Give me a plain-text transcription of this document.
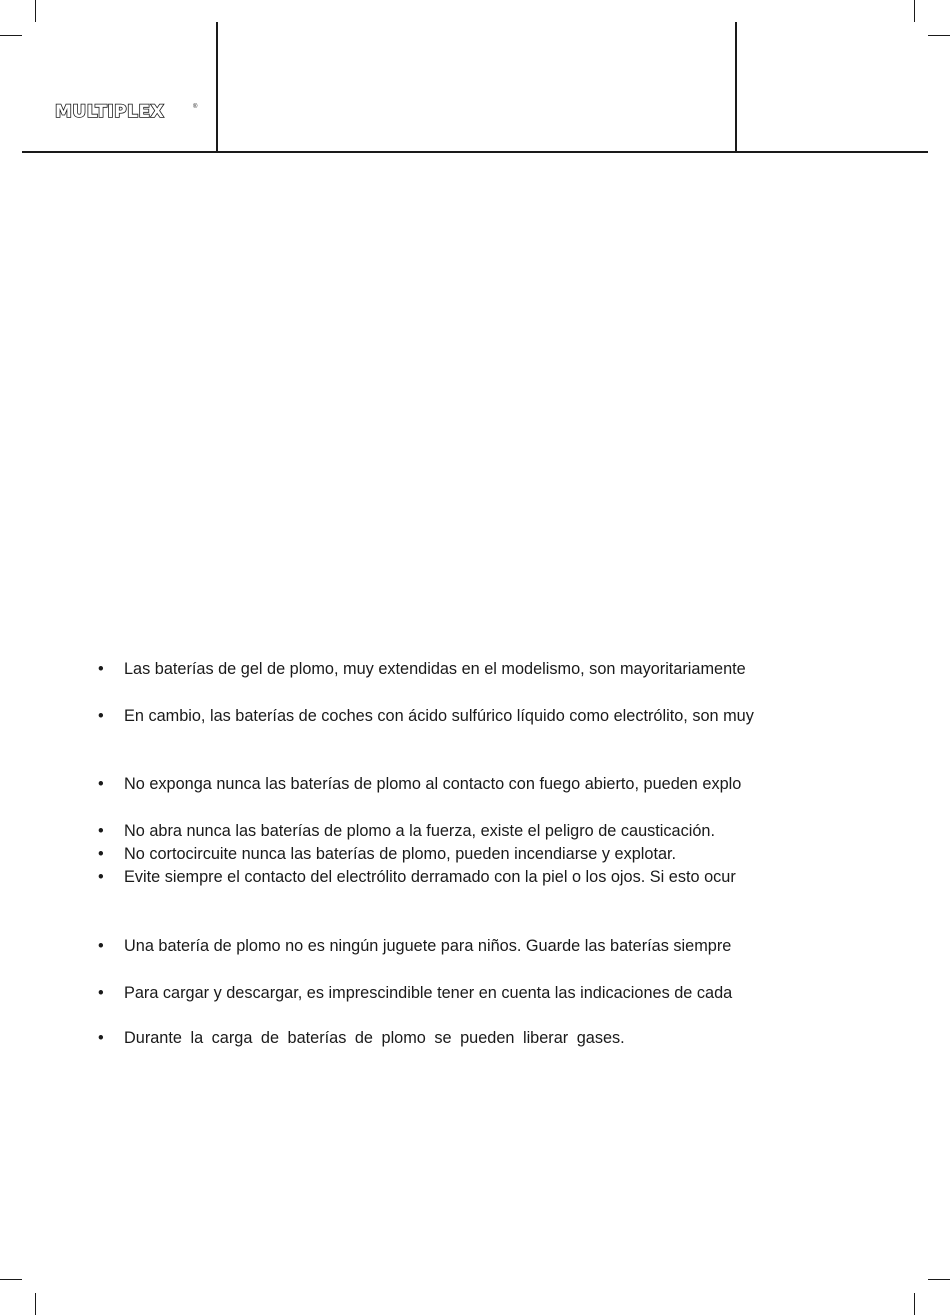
MULTIPLEX	®
• Las baterías de gel de plomo, muy extendidas en el modelismo, son mayoritariamente
• En cambio, las baterías de coches con ácido sulfúrico líquido como electrólito, son muy
• No exponga nunca las baterías de plomo al contacto con fuego abierto, pueden explo
• No abra nunca las baterías de plomo a la fuerza, existe el peligro de causticación.
• No cortocircuite nunca las baterías de plomo, pueden incendiarse y explotar.
• Evite siempre el contacto del electrólito derramado con la piel o los ojos. Si esto ocur
• Una batería de plomo no es ningún juguete para niños. Guarde las baterías siempre
• Para cargar y descargar, es imprescindible tener en cuenta las indicaciones de cada
• Durante la carga de baterías de plomo se pueden liberar gases.
